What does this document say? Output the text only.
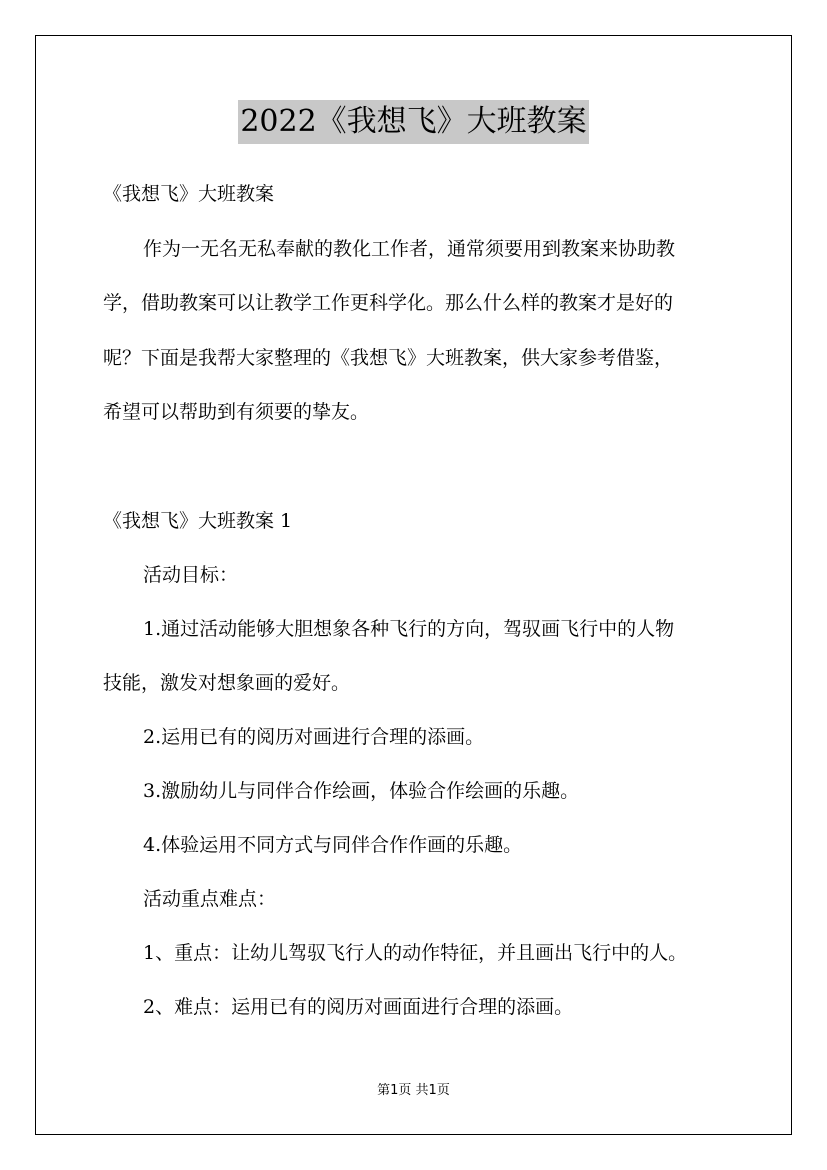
2022《我想飞》大班教案
《我想飞》大班教案
作为一无名无私奉献的教化工作者，通常须要用到教案来协助教
学，借助教案可以让教学工作更科学化。那么什么样的教案才是好的
呢？下面是我帮大家整理的《我想飞》大班教案，供大家参考借鉴，
希望可以帮助到有须要的挚友。
《我想飞》大班教案 1
活动目标：
1.通过活动能够大胆想象各种飞行的方向，驾驭画飞行中的人物
技能，激发对想象画的爱好。
2.运用已有的阅历对画进行合理的添画。
3.激励幼儿与同伴合作绘画，体验合作绘画的乐趣。
4.体验运用不同方式与同伴合作作画的乐趣。
活动重点难点：
1、重点：让幼儿驾驭飞行人的动作特征，并且画出飞行中的人。
2、难点：运用已有的阅历对画面进行合理的添画。
第1页 共1页
